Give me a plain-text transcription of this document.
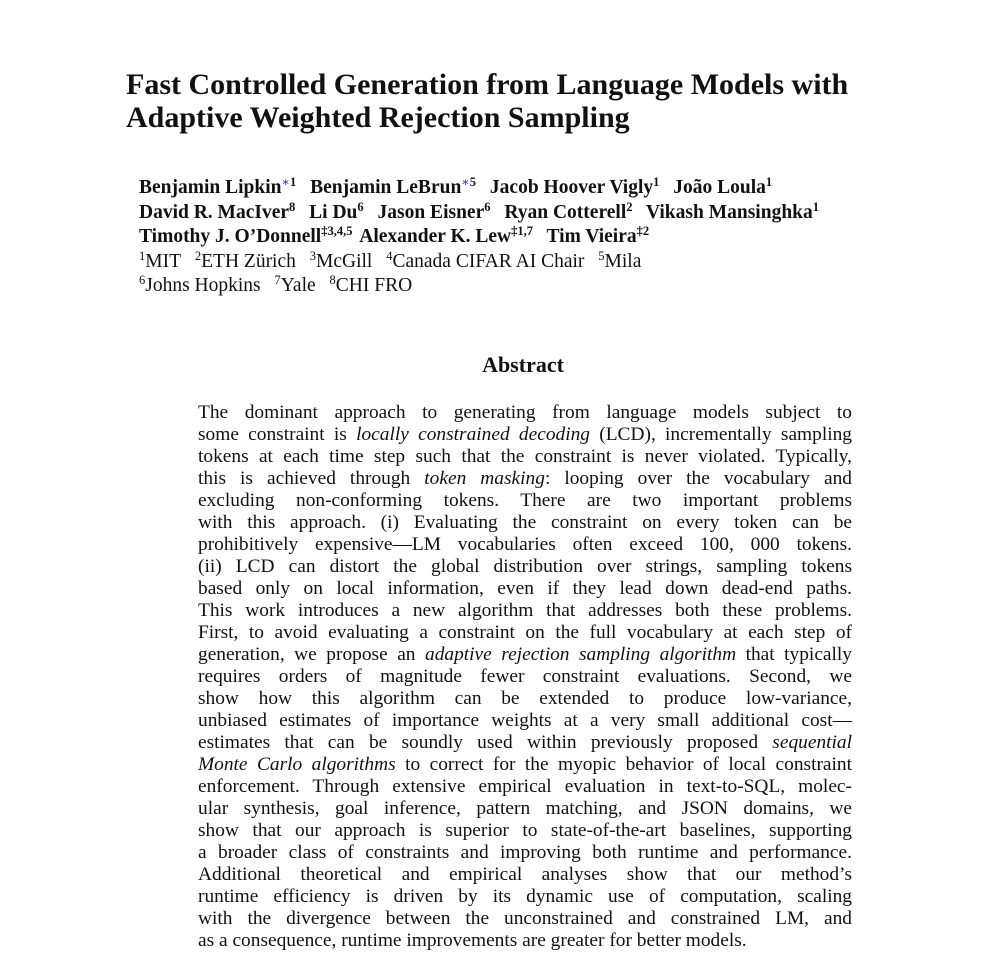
Fast Controlled Generation from Language Models with
Adaptive Weighted Rejection Sampling
Benjamin Lipkin$^{∗1}$ Benjamin LeBrun$^{∗5}$ Jacob Hoover Vigly$^1$ João Loula$^1$
David R. MacIver$^8$ Li Du$^6$ Jason Eisner$^6$ Ryan Cotterell$^2$ Vikash Mansinghka$^1$
Timothy J. O’Donnell$^{\ddagger 3,4,5}$ Alexander K. Lew$^{\ddagger 1,7}$ Tim Vieira$^{\ddagger 2}$
$^1$MIT $^2$ETH Zürich $^3$McGill $^4$Canada CIFAR AI Chair $^5$Mila
$^6$Johns Hopkins $^7$Yale $^8$CHI FRO
Abstract
The dominant approach to generating from language models subject to
some constraint is locally constrained decoding (LCD), incrementally sampling
tokens at each time step such that the constraint is never violated. Typically,
this is achieved through token masking: looping over the vocabulary and
excluding non-conforming tokens. There are two important problems
with this approach. (i) Evaluating the constraint on every token can be
prohibitively expensive—LM vocabularies often exceed 100, 000 tokens.
(ii) LCD can distort the global distribution over strings, sampling tokens
based only on local information, even if they lead down dead-end paths.
This work introduces a new algorithm that addresses both these problems.
First, to avoid evaluating a constraint on the full vocabulary at each step of
generation, we propose an adaptive rejection sampling algorithm that typically
requires orders of magnitude fewer constraint evaluations. Second, we
show how this algorithm can be extended to produce low-variance,
unbiased estimates of importance weights at a very small additional cost—
estimates that can be soundly used within previously proposed sequential
Monte Carlo algorithms to correct for the myopic behavior of local constraint
enforcement. Through extensive empirical evaluation in text-to-SQL, molec-
ular synthesis, goal inference, pattern matching, and JSON domains, we
show that our approach is superior to state-of-the-art baselines, supporting
a broader class of constraints and improving both runtime and performance.
Additional theoretical and empirical analyses show that our method’s
runtime efficiency is driven by its dynamic use of computation, scaling
with the divergence between the unconstrained and constrained LM, and
as a consequence, runtime improvements are greater for better models.
